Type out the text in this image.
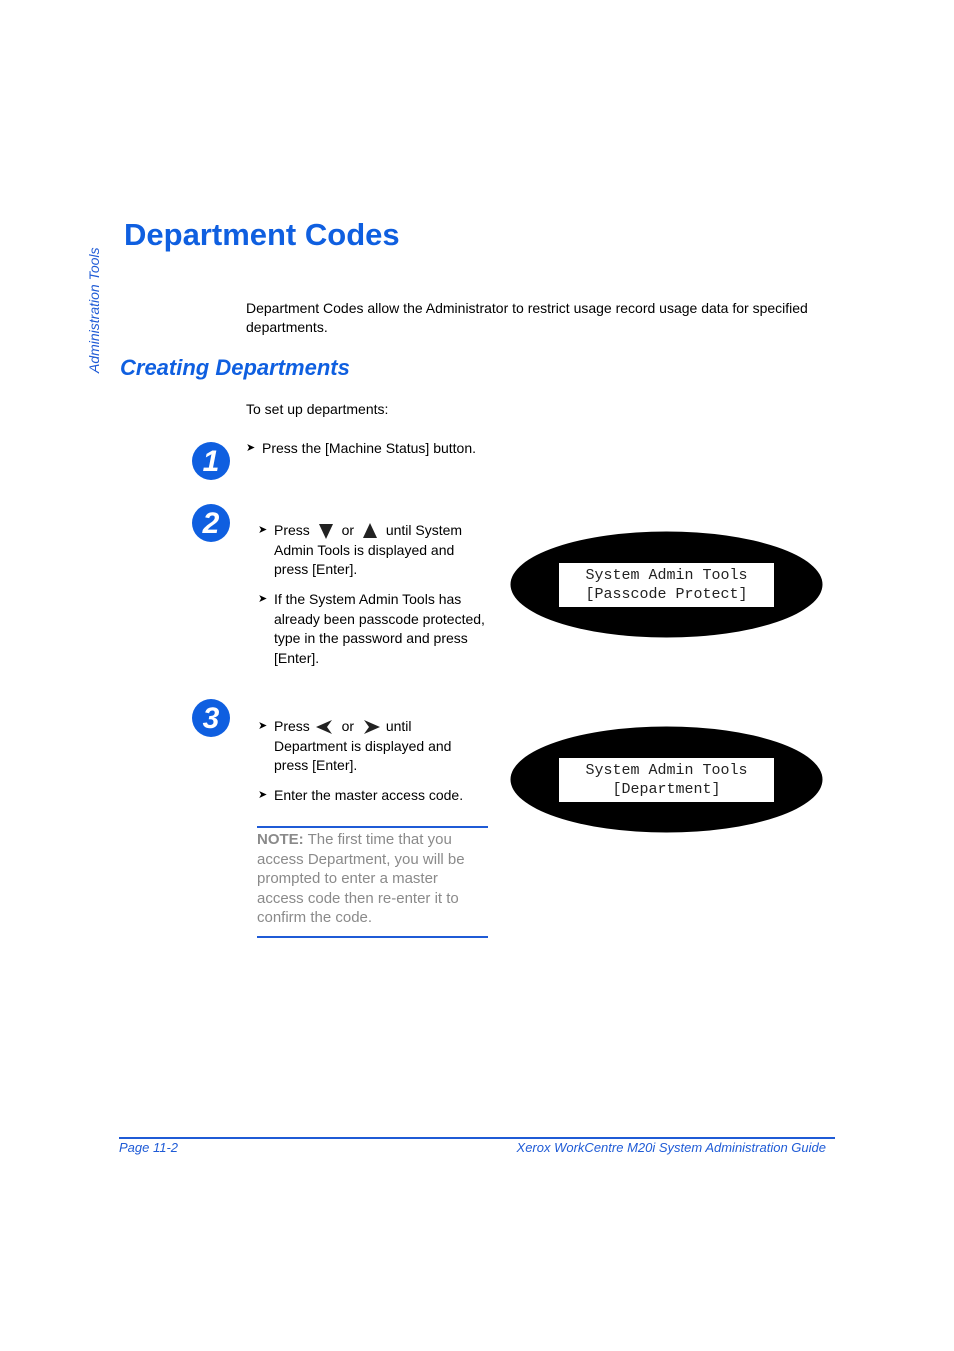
Administration Tools
Department Codes
Department Codes allow the Administrator to restrict usage record usage data for specified departments.
Creating Departments
To set up departments:
1 ➤ Press the [Machine Status] button.
2	➤ Press or until System Admin Tools is displayed and press [Enter].
➤ If the System Admin Tools has already been passcode protected, type in the password and press [Enter].
System Admin Tools
[Passcode Protect]
3	➤ Press or until Department is displayed and press [Enter].
➤ Enter the master access code.
System Admin Tools
[Department]
NOTE: The first time that you access Department, you will be prompted to enter a master access code then re-enter it to confirm the code.
Page 11-2	Xerox WorkCentre M20i System Administration Guide
